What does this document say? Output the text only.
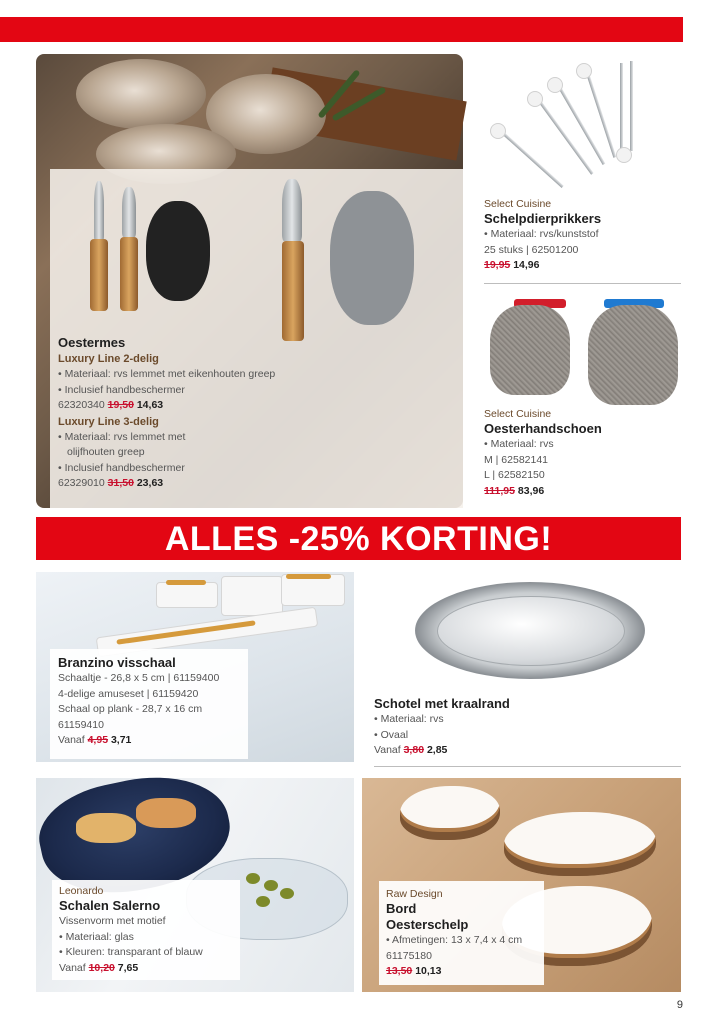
Oestermes
Luxury Line 2-delig
• Materiaal: rvs lemmet met eikenhouten greep
• Inclusief handbeschermer
62320340 19,50 14,63
Luxury Line 3-delig
• Materiaal: rvs lemmet met
olijfhouten greep
• Inclusief handbeschermer
62329010 31,50 23,63
Select Cuisine
Schelpdierprikkers
• Materiaal: rvs/kunststof
25 stuks | 62501200
19,95 14,96
Select Cuisine
Oesterhandschoen
• Materiaal: rvs
M | 62582141
L | 62582150
111,95 83,96
ALLES -25% KORTING!
Branzino visschaal
Schaaltje - 26,8 x 5 cm | 61159400
4-delige amuseset | 61159420
Schaal op plank - 28,7 x 16 cm
61159410
Vanaf 4,95 3,71
Schotel met kraalrand
• Materiaal: rvs
• Ovaal
Vanaf 3,80 2,85
Leonardo
Schalen Salerno
Vissenvorm met motief
• Materiaal: glas
• Kleuren: transparant of blauw
Vanaf 10,20 7,65
Raw Design
Bord
Oesterschelp
• Afmetingen: 13 x 7,4 x 4 cm
61175180
13,50 10,13
9
